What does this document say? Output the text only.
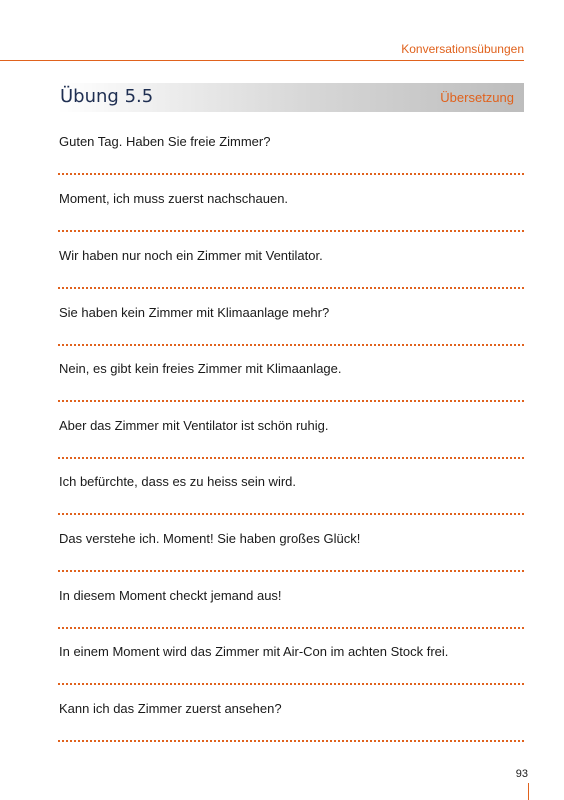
Konversationsübungen
Übung 5.5	Übersetzung
Guten Tag. Haben Sie freie Zimmer?
Moment, ich muss zuerst nachschauen.
Wir haben nur noch ein Zimmer mit Ventilator.
Sie haben kein Zimmer mit Klimaanlage mehr?
Nein, es gibt kein freies Zimmer mit Klimaanlage.
Aber das Zimmer mit Ventilator ist schön ruhig.
Ich befürchte, dass es zu heiss sein wird.
Das verstehe ich. Moment! Sie haben großes Glück!
In diesem Moment checkt jemand aus!
In einem Moment wird das Zimmer mit Air-Con im achten Stock frei.
Kann ich das Zimmer zuerst ansehen?
93
